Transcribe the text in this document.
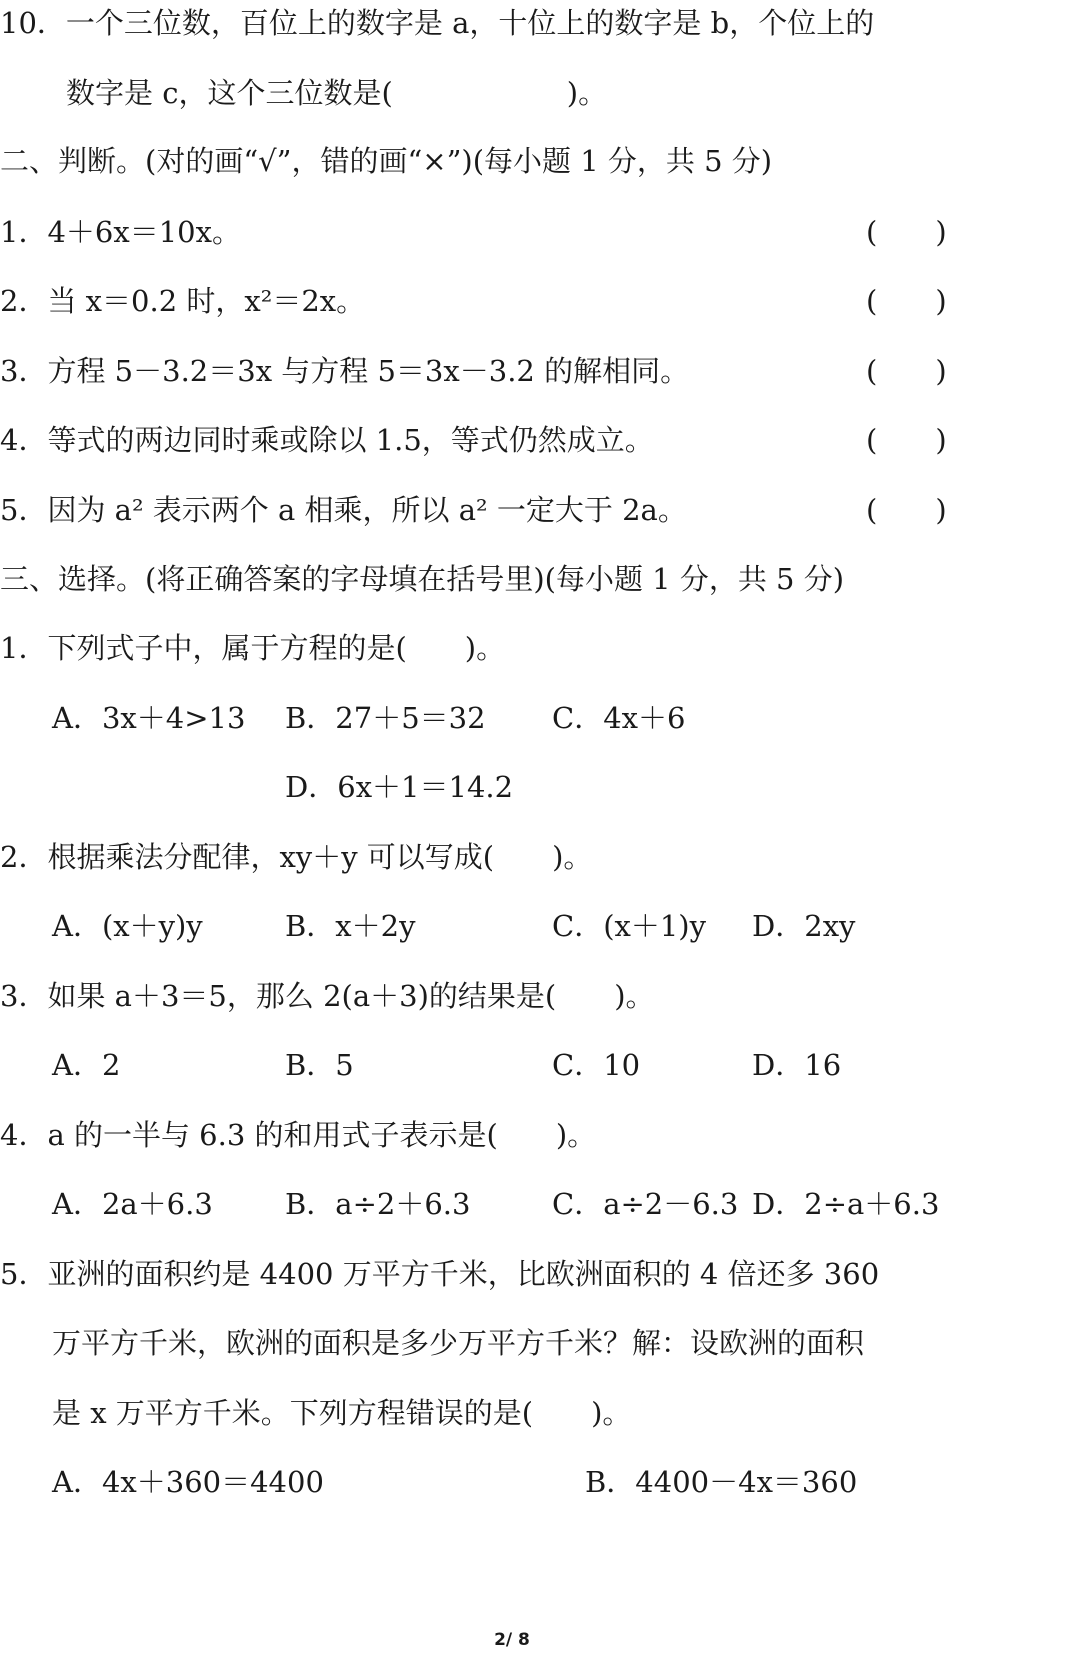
10．一个三位数，百位上的数字是 a，十位上的数字是 b，个位上的
数字是 c，这个三位数是(　　　　　　)。
二、判断。(对的画“√”，错的画“×”)(每小题 1 分，共 5 分)
1．4＋6x＝10x。	(　　)
2．当 x＝0.2 时，x²＝2x。	(　　)
3．方程 5－3.2＝3x 与方程 5＝3x－3.2 的解相同。	(　　)
4．等式的两边同时乘或除以 1.5，等式仍然成立。	(　　)
5．因为 a² 表示两个 a 相乘，所以 a² 一定大于 2a。	(　　)
三、选择。(将正确答案的字母填在括号里)(每小题 1 分，共 5 分)
1．下列式子中，属于方程的是(　　)。
A．3x＋4>13 B．27＋5＝32 C．4x＋6
D．6x＋1＝14.2
2．根据乘法分配律，xy＋y 可以写成(　　)。
A．(x＋y)y	B．x＋2y	C．(x＋1)y D．2xy
3．如果 a＋3＝5，那么 2(a＋3)的结果是(　　)。
A．2	B．5	C．10	D．16
4．a 的一半与 6.3 的和用式子表示是(　　)。
A．2a＋6.3 B．a÷2＋6.3	C．a÷2－6.3 D．2÷a＋6.3
5．亚洲的面积约是 4400 万平方千米，比欧洲面积的 4 倍还多 360
万平方千米，欧洲的面积是多少万平方千米？解：设欧洲的面积
是 x 万平方千米。下列方程错误的是(　　)。
A．4x＋360＝4400	B．4400－4x＝360
2/ 8
